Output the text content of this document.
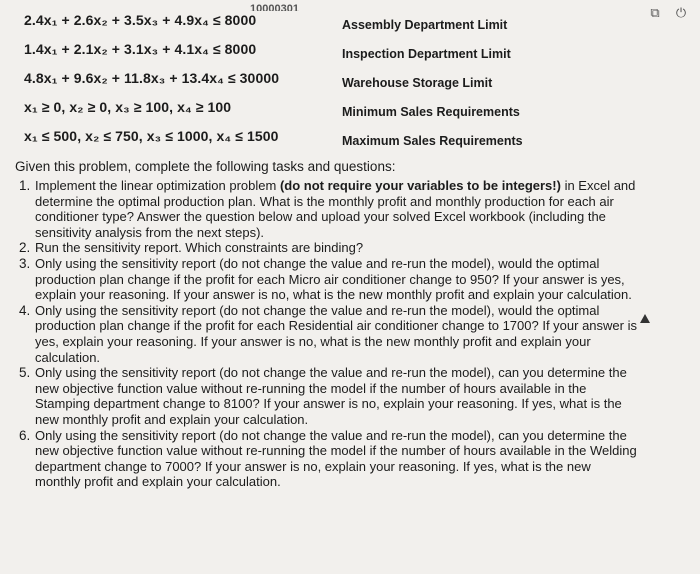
⧉	⏻
10000301
2.4x₁ + 2.6x₂ + 3.5x₃ + 4.9x₄ ≤ 8000	Assembly Department Limit
1.4x₁ + 2.1x₂ + 3.1x₃ + 4.1x₄ ≤ 8000	Inspection Department Limit
4.8x₁ + 9.6x₂ + 11.8x₃ + 13.4x₄ ≤ 30000	Warehouse Storage Limit
x₁ ≥ 0, x₂ ≥ 0, x₃ ≥ 100, x₄ ≥ 100	Minimum Sales Requirements
x₁ ≤ 500, x₂ ≤ 750, x₃ ≤ 1000, x₄ ≤ 1500	Maximum Sales Requirements
Given this problem, complete the following tasks and questions:
1. Implement the linear optimization problem (do not require your variables to be integers!) in Excel and determine the optimal production plan. What is the monthly profit and monthly production for each air conditioner type? Answer the question below and upload your solved Excel workbook (including the sensitivity analysis from the next steps).
2. Run the sensitivity report. Which constraints are binding?
3. Only using the sensitivity report (do not change the value and re-run the model), would the optimal production plan change if the profit for each Micro air conditioner change to 950? If your answer is yes, explain your reasoning. If your answer is no, what is the new monthly profit and explain your calculation.
4. Only using the sensitivity report (do not change the value and re-run the model), would the optimal production plan change if the profit for each Residential air conditioner change to 1700? If your answer is yes, explain your reasoning. If your answer is no, what is the new monthly profit and explain your calculation.
5. Only using the sensitivity report (do not change the value and re-run the model), can you determine the new objective function value without re-running the model if the number of hours available in the Stamping department change to 8100? If your answer is no, explain your reasoning. If yes, what is the new monthly profit and explain your calculation.
6. Only using the sensitivity report (do not change the value and re-run the model), can you determine the new objective function value without re-running the model if the number of hours available in the Welding department change to 7000? If your answer is no, explain your reasoning. If yes, what is the new monthly profit and explain your calculation.
